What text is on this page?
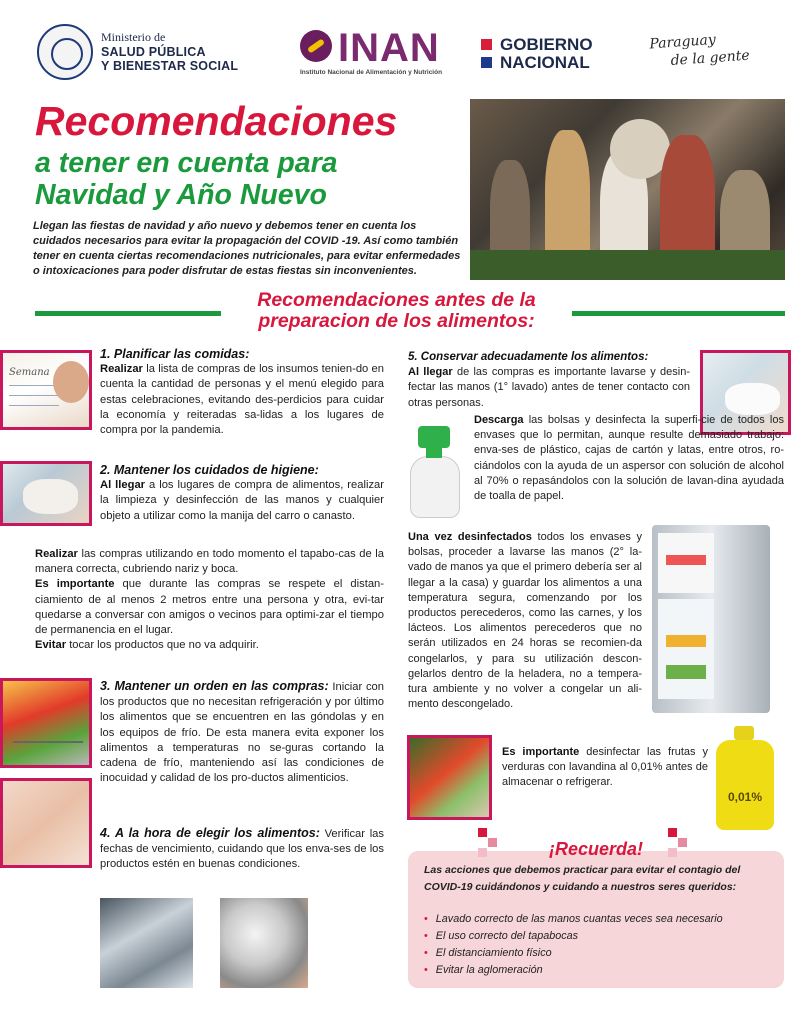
Ministerio de
SALUD PÚBLICA
Y BIENESTAR SOCIAL INAN
Instituto Nacional de Alimentación y Nutrición
GOBIERNO
NACIONAL
Paraguay
de la gente
Recomendaciones
a tener en cuenta para
Navidad y Año Nuevo
Llegan las fiestas de navidad y año nuevo y debemos tener en cuenta los cuidados necesarios para evitar la propagación del COVID -19. Así como también tener en cuenta ciertas recomendaciones nutricionales, para evitar enfermedades o intoxicaciones para poder disfrutar de estas fiestas sin inconvenientes.
Recomendaciones antes de la
preparacion de los alimentos:
Semana
0,01%
1. Planificar las comidas:
Realizar la lista de compras de los insumos tenien-do en cuenta la cantidad de personas y el menú elegido para estas celebraciones, evitando des-perdicios para cuidar la economía y reiteradas sa-lidas a los lugares de compra por la pandemia.
2. Mantener los cuidados de higiene:
Al llegar a los lugares de compra de alimentos, realizar la limpieza y desinfección de las manos y cualquier objeto a utilizar como la manija del carro o canasto.
Realizar las compras utilizando en todo momento el tapabo-cas de la manera correcta, cubriendo nariz y boca.
Es importante que durante las compras se respete el distan-ciamiento de al menos 2 metros entre una persona y otra, evi-tar quedarse a conversar con amigos o vecinos para optimi-zar el tiempo de permanencia en el lugar.
Evitar tocar los productos que no va adquirir.
3. Mantener un orden en las compras: Iniciar con los productos que no necesitan refrigeración y por último los alimentos que se encuentren en las góndolas y en los equipos de frío. De esta manera evita exponer los alimentos a temperaturas no se-guras cortando la cadena de frío, manteniendo así las condiciones de inocuidad y calidad de los pro-ductos alimenticios.
4. A la hora de elegir los alimentos: Verificar las fechas de vencimiento, cuidando que los enva-ses de los productos estén en buenas condiciones.
5. Conservar adecuadamente los alimentos:
Al llegar de las compras es importante lavarse y desin-fectar las manos (1° lavado) antes de tener contacto con otras personas.
Descarga las bolsas y desinfecta la superfi-cie de todos los envases que lo permitan, aunque resulte demasiado trabajo: enva-ses de plástico, cajas de cartón y latas, entre otros, ro-ciándolos con la ayuda de un aspersor con solución de alcohol al 70% o repasándolos con la solución de lavan-dina ayudada de toalla de papel.
Una vez desinfectados todos los envases y bolsas, proceder a lavarse las manos (2° la-vado de manos ya que el primero debería ser al llegar a la casa) y guardar los alimentos a una temperatura segura, comenzando por los productos perecederos, como las carnes, y los lácteos. Los alimentos perecederos que no serán utilizados en 24 horas se recomien-da congelarlos, y para su utilización descon-gelarlos dentro de la heladera, no a tempera-tura ambiente y no volver a congelar un ali-mento descongelado.
Es importante desinfectar las frutas y verduras con lavandina al 0,01% antes de almacenar o refrigerar.
¡Recuerda!
Las acciones que debemos practicar para evitar el contagio del COVID-19 cuidándonos y cuidando a nuestros seres queridos:
• Lavado correcto de las manos cuantas veces sea necesario
• El uso correcto del tapabocas
• El distanciamiento físico
• Evitar la aglomeración
